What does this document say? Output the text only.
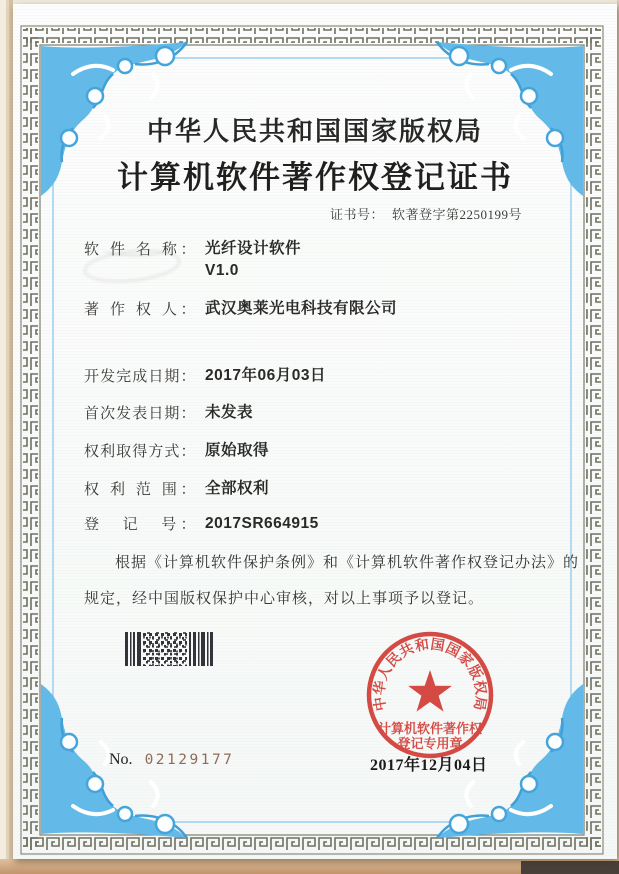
中华人民共和国国家版权局
计算机软件著作权登记证书
证书号： 软著登字第2250199号
软 件 名 称： 光纤设计软件
V1.0
著 作 权 人： 武汉奥莱光电科技有限公司
开发完成日期： 2017年06月03日
首次发表日期： 未发表
权利取得方式： 原始取得
权 利 范 围： 全部权利
登　记　号： 2017SR664915
根据《计算机软件保护条例》和《计算机软件著作权登记办法》的
规定，经中国版权保护中心审核，对以上事项予以登记。
中华人民共和国国家版权局
计算机软件著作权
登记专用章
2017年12月04日
No. 02129177
